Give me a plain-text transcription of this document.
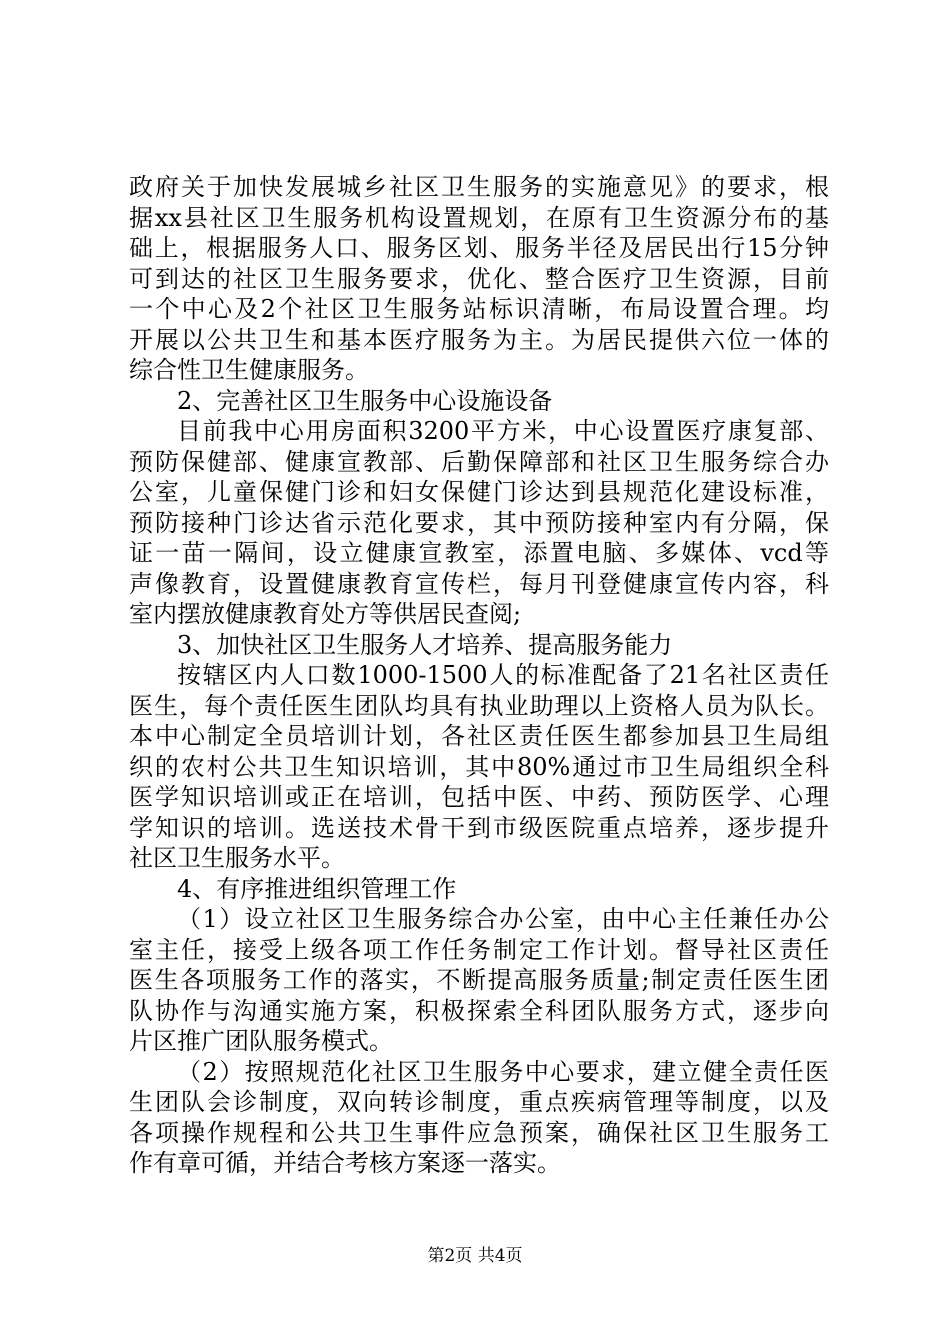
政府关于加快发展城乡社区卫生服务的实施意见》的要求，根
据xx县社区卫生服务机构设置规划，在原有卫生资源分布的基
础上，根据服务人口、服务区划、服务半径及居民出行15分钟
可到达的社区卫生服务要求，优化、整合医疗卫生资源，目前
一个中心及2个社区卫生服务站标识清晰，布局设置合理。均
开展以公共卫生和基本医疗服务为主。为居民提供六位一体的
综合性卫生健康服务。
2、完善社区卫生服务中心设施设备
目前我中心用房面积3200平方米，中心设置医疗康复部、
预防保健部、健康宣教部、后勤保障部和社区卫生服务综合办
公室，儿童保健门诊和妇女保健门诊达到县规范化建设标准，
预防接种门诊达省示范化要求，其中预防接种室内有分隔，保
证一苗一隔间，设立健康宣教室，添置电脑、多媒体、vcd等
声像教育，设置健康教育宣传栏，每月刊登健康宣传内容，科
室内摆放健康教育处方等供居民查阅;
3、加快社区卫生服务人才培养、提高服务能力
按辖区内人口数1000-1500人的标准配备了21名社区责任
医生，每个责任医生团队均具有执业助理以上资格人员为队长。
本中心制定全员培训计划，各社区责任医生都参加县卫生局组
织的农村公共卫生知识培训，其中80%通过市卫生局组织全科
医学知识培训或正在培训，包括中医、中药、预防医学、心理
学知识的培训。选送技术骨干到市级医院重点培养，逐步提升
社区卫生服务水平。
4、有序推进组织管理工作
（1）设立社区卫生服务综合办公室，由中心主任兼任办公
室主任，接受上级各项工作任务制定工作计划。督导社区责任
医生各项服务工作的落实，不断提高服务质量;制定责任医生团
队协作与沟通实施方案，积极探索全科团队服务方式，逐步向
片区推广团队服务模式。
（2）按照规范化社区卫生服务中心要求，建立健全责任医
生团队会诊制度，双向转诊制度，重点疾病管理等制度，以及
各项操作规程和公共卫生事件应急预案，确保社区卫生服务工
作有章可循，并结合考核方案逐一落实。
第2页 共4页
